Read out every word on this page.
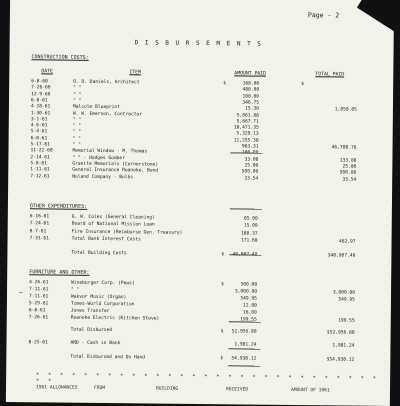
Page - 2
D I S B U R S E M E N T S
CONSTRUCTION COSTS:
DATE	ITEM	AMOUNT PAID	TOTAL PAID
6-8-60	O. D. Daniels, Architect	$	168.00	$
7-26-60	" "	480.00
12-9-60	" "	100.00
6-8-61	" "	346.75
4-18-61	Malcolm Blueprint	15.30	1,050.05
1-30-61	W. W. Emerson, Contractor	5,061.88
3-1-61	" "	5,667.71
4-6-61	" "	18,471.35
5-4-61	" "	5,329.13
6-8-61	" "	11,255.38
5-17-61	" "	963.31	46,708.76
11-22-60	Memorial Window - M. Thomas	100.00
2-14-61	" " - Hodges Gomber	33.08	133.08
5-8-61	Granite Memorials (Cornerstone)	25.00	25.00
1-11-61	General Insurance Roanoke, Bond	500.00	500.00
7-12-61	Noland Company - Bulbs	33.54	33.54
OTHER EXPENDITURES:
6-16-61	G. W. Coles (General Cleaning)	85.00
7-24-61	Board of National Mission Loan	15.00
8-7-61	Fire Insurance (Reimburse Gen. Treasury)	188.37
7-31-61	Total Bank Interest Costs	171.60	462.97
Total Building Costs	$ 48,907.40	$48,907.40
FURNITURE AND OTHER:
~
4-26-61	Wineburger Corp. (Pews)	$	500.00
7-11-61	" "	3,000.00	3,000.00
7-11-61	Wakvor Music (Organ)	549.95	549.95
5-29-61	Times-World Corporation	12.00
6-8-61	Jones Transfer	16.00
7-26-61	Roanoke Electric (Kitchen Stove)	199.55	199.55
Total Disbursed	$ 52,956.88	$52,956.88
8-25-61	AND - Cash in Bank	1,981.24	1,981.24
Total Disbursed and On Hand	$ 54,938.12	$54,938.12
* * * * * * * * * * * * * * * * * * * * * * * * * * * * * * *
1961 ALLOWANCES	FROM	BUILDING	RECEIVED	AMOUNT OF 1961
